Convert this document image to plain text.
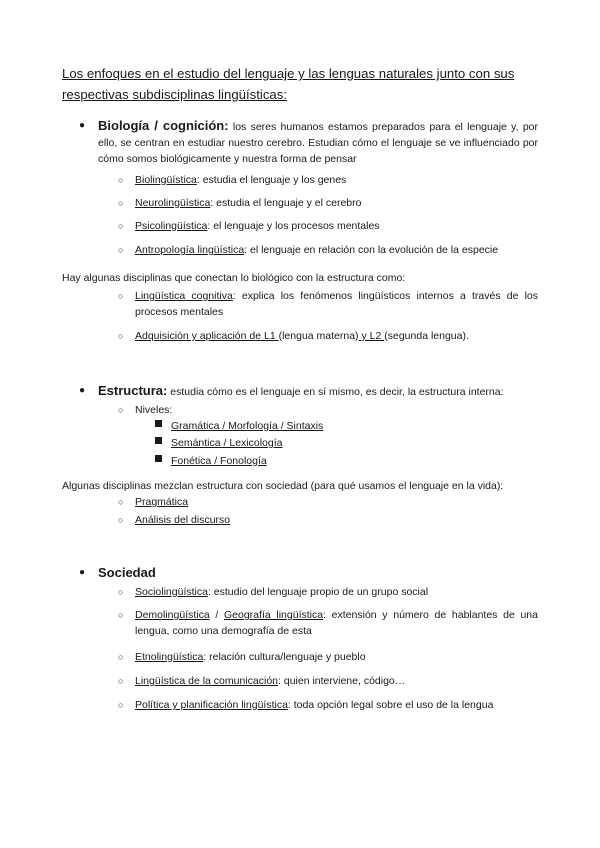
Los enfoques en el estudio del lenguaje y las lenguas naturales junto con sus respectivas subdisciplinas lingüísticas:
● Biología / cognición: los seres humanos estamos preparados para el lenguaje y, por ello, se centran en estudiar nuestro cerebro. Estudian cómo el lenguaje se ve influenciado por cómo somos biológicamente y nuestra forma de pensar
○ Biolingüística: estudia el lenguaje y los genes
○ Neurolingüística: estudia el lenguaje y el cerebro
○ Psicolingüística: el lenguaje y los procesos mentales
○ Antropología lingüística: el lenguaje en relación con la evolución de la especie
Hay algunas disciplinas que conectan lo biológico con la estructura como:
○ Lingüística cognitiva: explica los fenómenos lingüísticos internos a través de los procesos mentales
○ Adquisición y aplicación de L1 (lengua materna) y L2 (segunda lengua).
● Estructura: estudia cómo es el lenguaje en sí mismo, es decir, la estructura interna:
○ Niveles:
Gramática / Morfología / Sintaxis
Semántica / Lexicología
Fonética / Fonología
Algunas disciplinas mezclan estructura con sociedad (para qué usamos el lenguaje en la vida):
○ Pragmática
○ Análisis del discurso
● Sociedad
○ Sociolingüística: estudio del lenguaje propio de un grupo social
○ Demolingüística / Geografía lingüística: extensión y número de hablantes de una lengua, como una demografía de esta
○ Etnolingüística: relación cultura/lenguaje y pueblo
○ Lingüística de la comunicación: quien interviene, código…
○ Política y planificación lingüística: toda opción legal sobre el uso de la lengua
